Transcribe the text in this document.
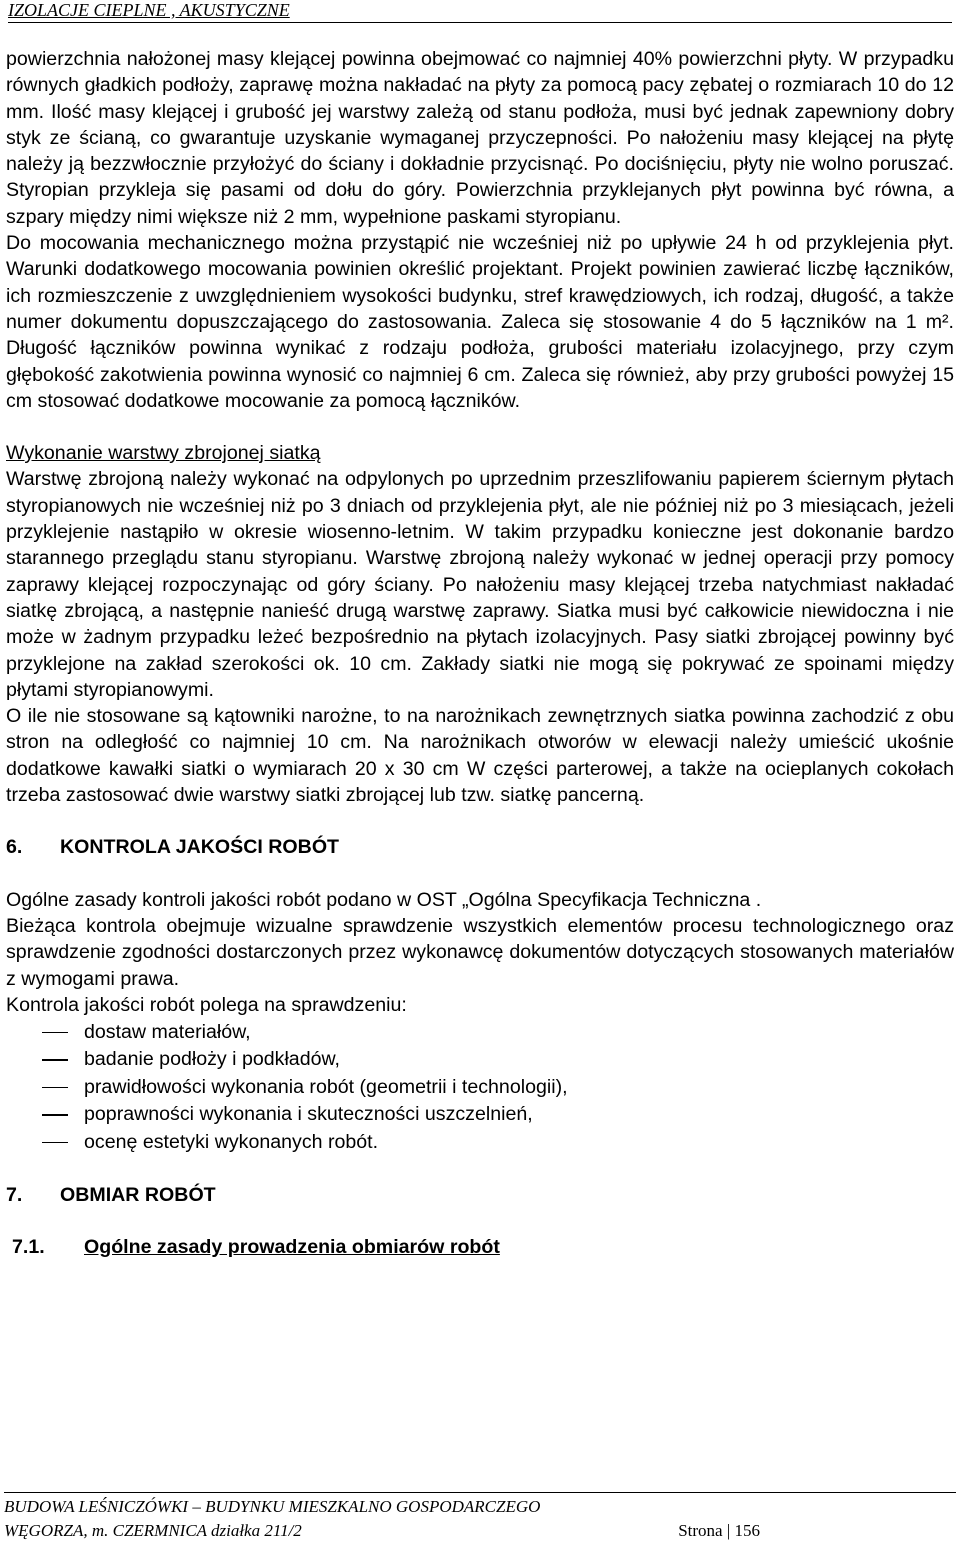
IZOLACJE CIEPLNE , AKUSTYCZNE

powierzchnia nałożonej masy klejącej powinna obejmować co najmniej 40% powierzchni płyty. W przypadku równych gładkich podłoży, zaprawę można nakładać na płyty za pomocą pacy zębatej o rozmiarach 10 do 12 mm. Ilość masy klejącej i grubość jej warstwy zależą od stanu podłoża, musi być jednak zapewniony dobry styk ze ścianą, co gwarantuje uzyskanie wymaganej przyczepności. Po nałożeniu masy klejącej na płytę należy ją bezzwłocznie przyłożyć do ściany i dokładnie przycisnąć. Po dociśnięciu, płyty nie wolno poruszać. Styropian przykleja się pasami od dołu do góry. Powierzchnia przyklejanych płyt powinna być równa, a szpary między nimi większe niż 2 mm, wypełnione paskami styropianu.

Do mocowania mechanicznego można przystąpić nie wcześniej niż po upływie 24 h od przyklejenia płyt. Warunki dodatkowego mocowania powinien określić projektant. Projekt powinien zawierać liczbę łączników, ich rozmieszczenie z uwzględnieniem wysokości budynku, stref krawędziowych, ich rodzaj, długość, a także numer dokumentu dopuszczającego do zastosowania. Zaleca się stosowanie 4 do 5 łączników na 1 m². Długość łączników powinna wynikać z rodzaju podłoża, grubości materiału izolacyjnego, przy czym głębokość zakotwienia powinna wynosić co najmniej 6 cm. Zaleca się również, aby przy grubości powyżej 15 cm stosować dodatkowe mocowanie za pomocą łączników.

Wykonanie warstwy zbrojonej siatką

Warstwę zbrojoną należy wykonać na odpylonych po uprzednim przeszlifowaniu papierem ściernym płytach styropianowych nie wcześniej niż po 3 dniach od przyklejenia płyt, ale nie później niż po 3 miesiącach, jeżeli przyklejenie nastąpiło w okresie wiosenno-letnim. W takim przypadku konieczne jest dokonanie bardzo starannego przeglądu stanu styropianu. Warstwę zbrojoną należy wykonać w jednej operacji przy pomocy zaprawy klejącej rozpoczynając od góry ściany. Po nałożeniu masy klejącej trzeba natychmiast nakładać siatkę zbrojącą, a następnie nanieść drugą warstwę zaprawy. Siatka musi być całkowicie niewidoczna i nie może w żadnym przypadku leżeć bezpośrednio na płytach izolacyjnych. Pasy siatki zbrojącej powinny być przyklejone na zakład szerokości ok. 10 cm. Zakłady siatki nie mogą się pokrywać ze spoinami między płytami styropianowymi.

O ile nie stosowane są kątowniki narożne, to na narożnikach zewnętrznych siatka powinna zachodzić z obu stron na odległość co najmniej 10 cm. Na narożnikach otworów w elewacji należy umieścić ukośnie dodatkowe kawałki siatki o wymiarach 20 x 30 cm W części parterowej, a także na ocieplanych cokołach trzeba zastosować dwie warstwy siatki zbrojącej lub tzw. siatkę pancerną.

6.	KONTROLA JAKOŚCI ROBÓT

Ogólne zasady kontroli jakości robót podano w OST „Ogólna Specyfikacja Techniczna .

Bieżąca kontrola obejmuje wizualne sprawdzenie wszystkich elementów procesu technologicznego oraz sprawdzenie zgodności dostarczonych przez wykonawcę dokumentów dotyczących stosowanych materiałów z wymogami prawa.

Kontrola jakości robót polega na sprawdzeniu:

dostaw materiałów,
badanie podłoży i podkładów,
prawidłowości wykonania robót (geometrii i technologii),
poprawności wykonania i skuteczności uszczelnień,
ocenę estetyki wykonanych robót.
7.	OBMIAR ROBÓT
7.1.	Ogólne zasady prowadzenia obmiarów robót
BUDOWA LEŚNICZÓWKI – BUDYNKU MIESZKALNO GOSPODARCZEGO
WĘGORZA, m. CZERMNICA działka 211/2	Strona | 156
